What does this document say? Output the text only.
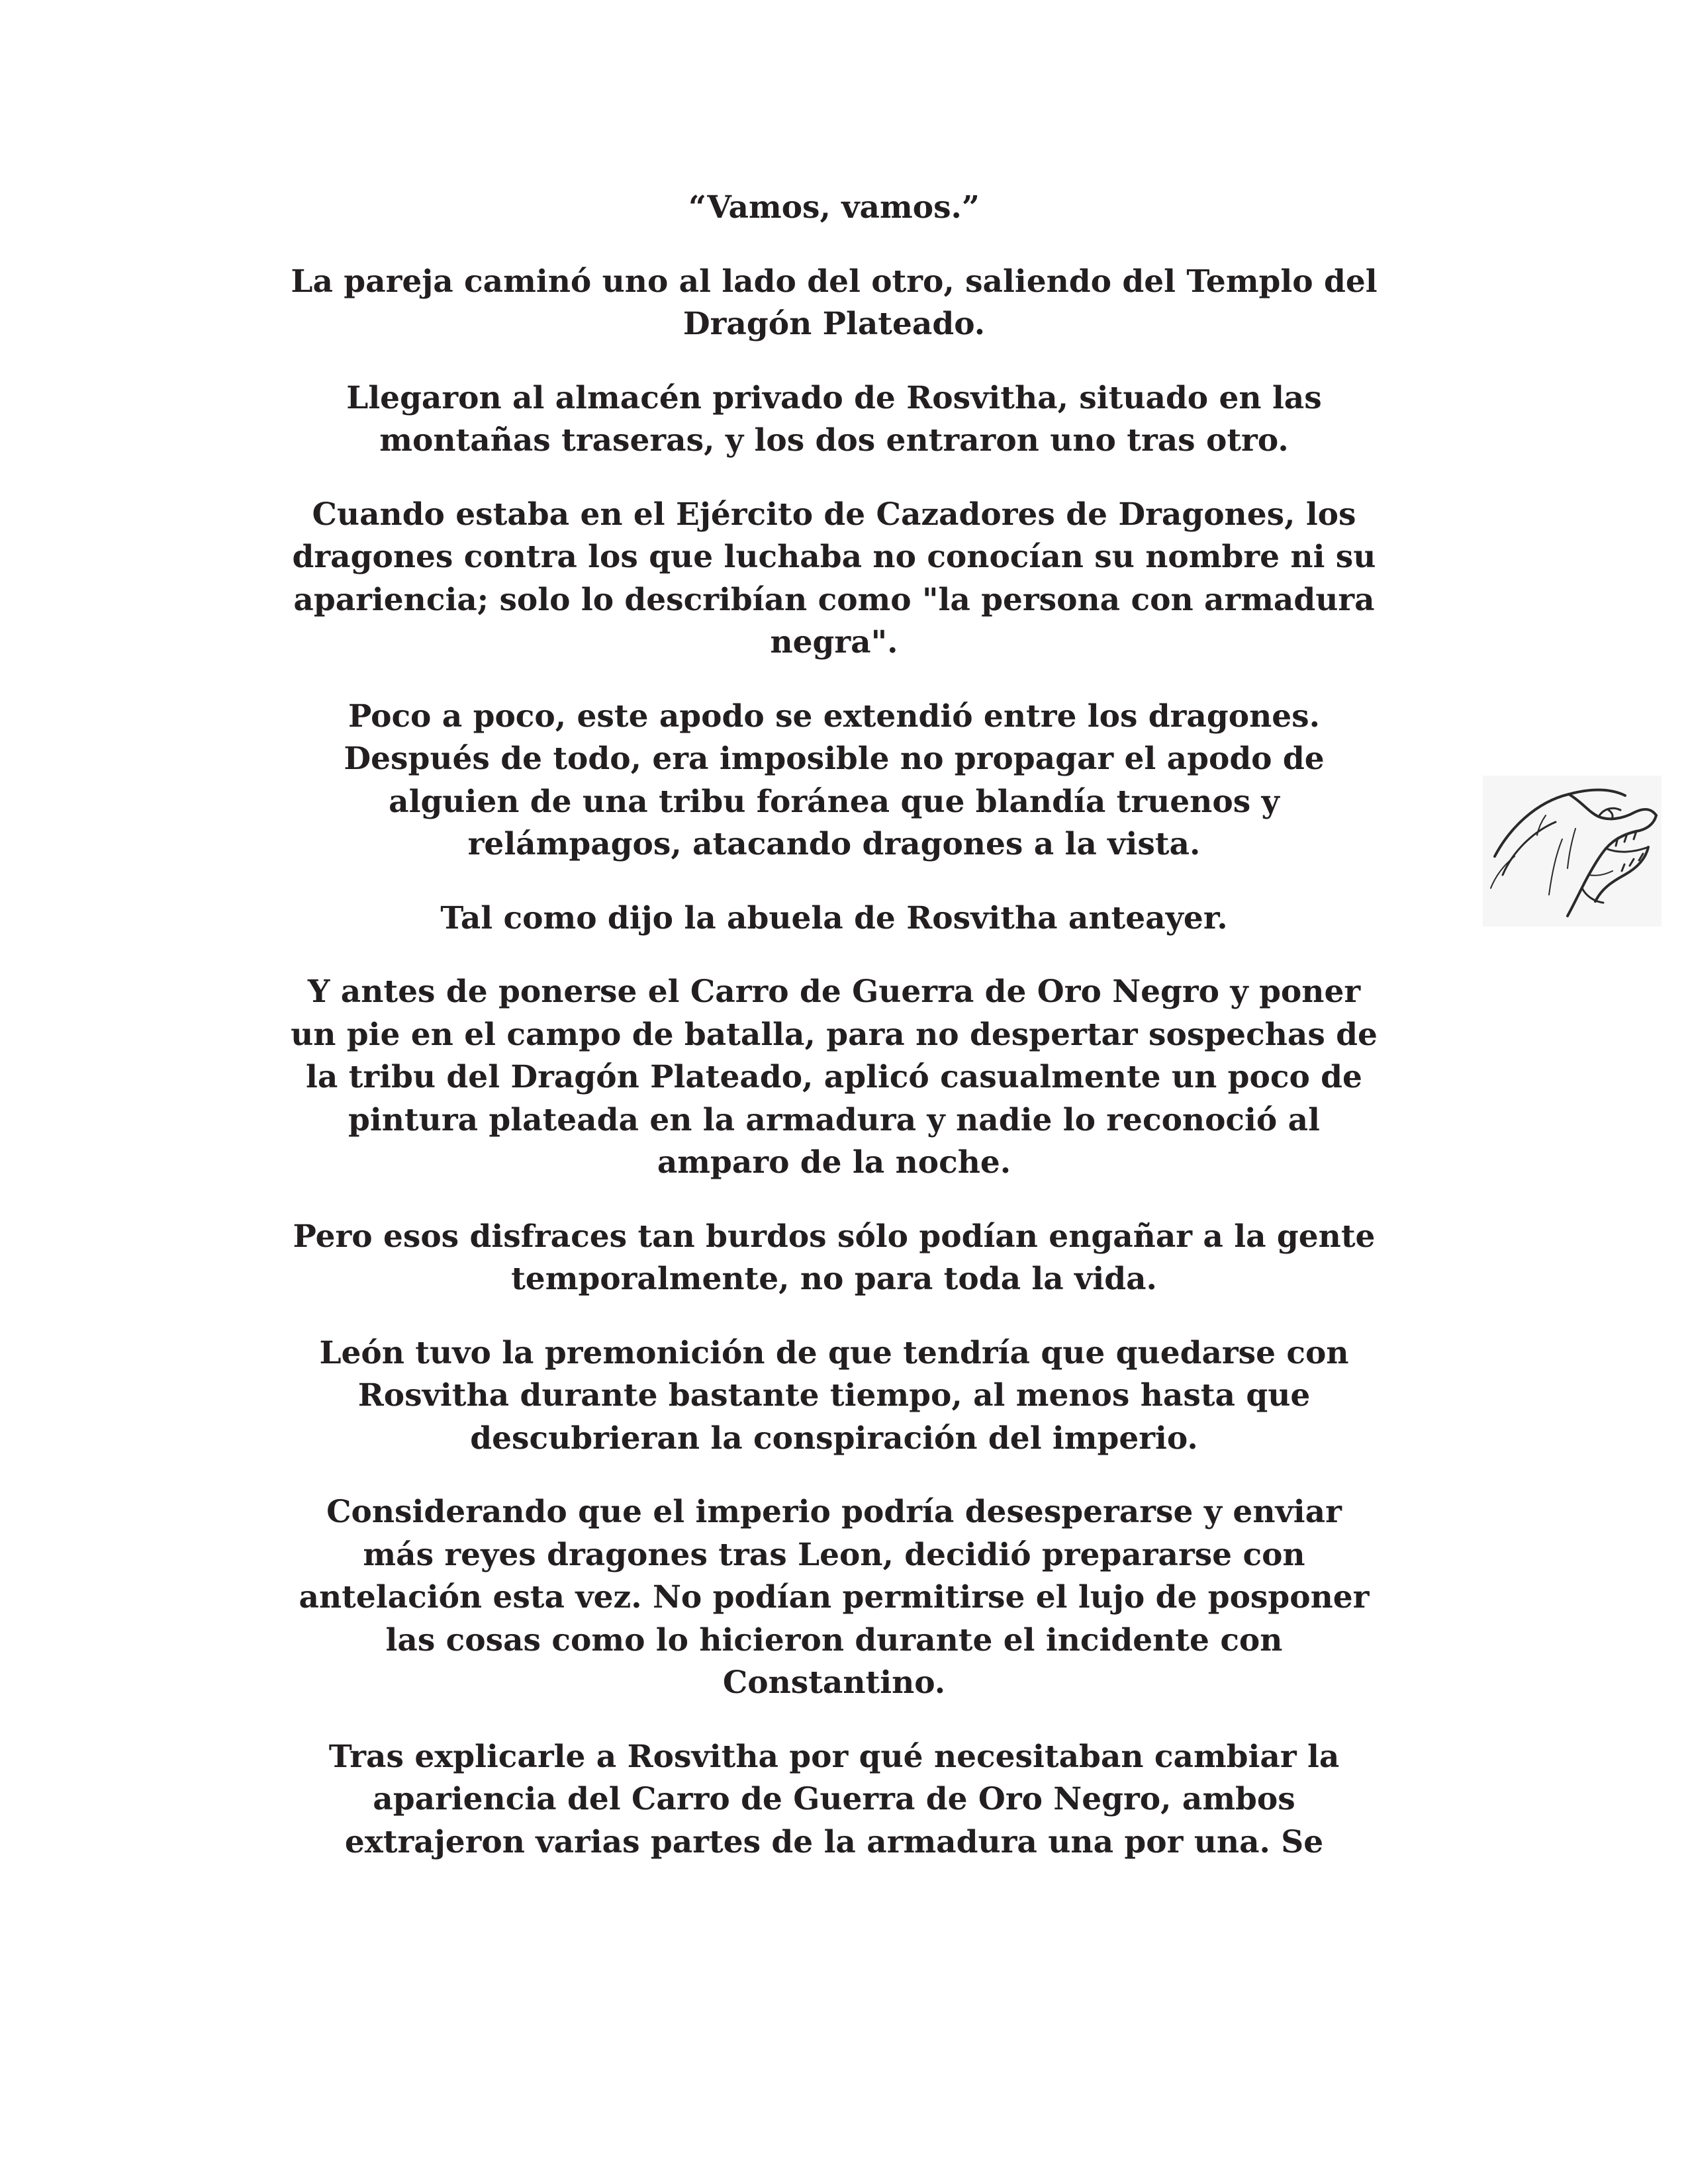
“Vamos, vamos.”

La pareja caminó uno al lado del otro, saliendo del Templo del
Dragón Plateado.

Llegaron al almacén privado de Rosvitha, situado en las
montañas traseras, y los dos entraron uno tras otro.

Cuando estaba en el Ejército de Cazadores de Dragones, los
dragones contra los que luchaba no conocían su nombre ni su
apariencia; solo lo describían como "la persona con armadura
negra".

Poco a poco, este apodo se extendió entre los dragones.
Después de todo, era imposible no propagar el apodo de
alguien de una tribu foránea que blandía truenos y
relámpagos, atacando dragones a la vista.

Tal como dijo la abuela de Rosvitha anteayer.

Y antes de ponerse el Carro de Guerra de Oro Negro y poner
un pie en el campo de batalla, para no despertar sospechas de
la tribu del Dragón Plateado, aplicó casualmente un poco de
pintura plateada en la armadura y nadie lo reconoció al
amparo de la noche.

Pero esos disfraces tan burdos sólo podían engañar a la gente
temporalmente, no para toda la vida.

León tuvo la premonición de que tendría que quedarse con
Rosvitha durante bastante tiempo, al menos hasta que
descubrieran la conspiración del imperio.

Considerando que el imperio podría desesperarse y enviar
más reyes dragones tras Leon, decidió prepararse con
antelación esta vez. No podían permitirse el lujo de posponer
las cosas como lo hicieron durante el incidente con
Constantino.

Tras explicarle a Rosvitha por qué necesitaban cambiar la
apariencia del Carro de Guerra de Oro Negro, ambos
extrajeron varias partes de la armadura una por una. Se
